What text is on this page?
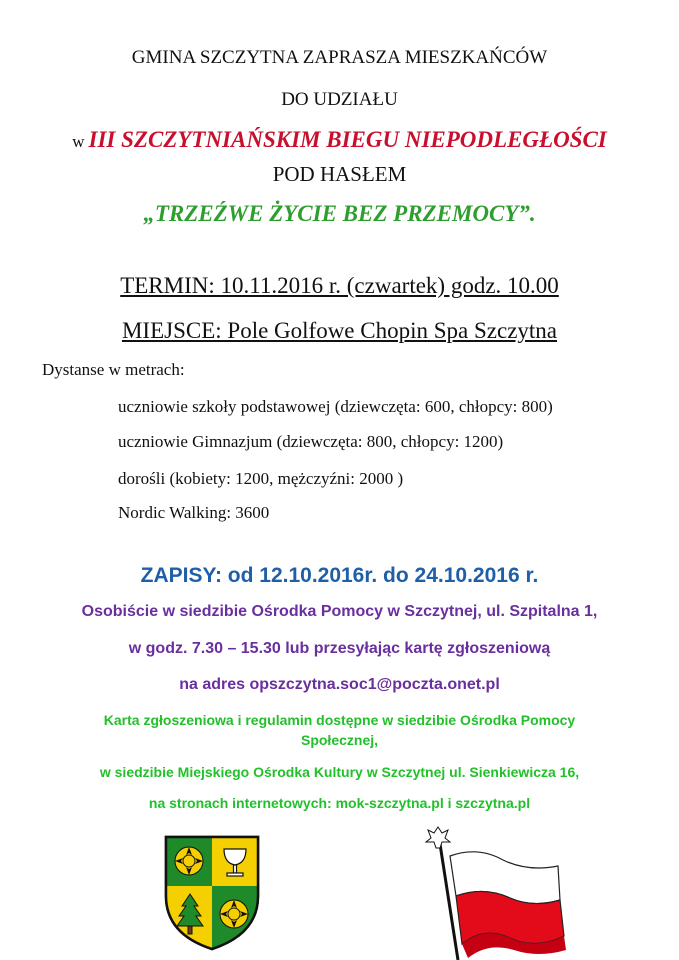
GMINA SZCZYTNA ZAPRASZA MIESZKAŃCÓW
DO UDZIAŁU
w III SZCZYTNIAŃSKIM BIEGU NIEPODLEGŁOŚCI
POD HASŁEM
„TRZEŹWE ŻYCIE BEZ PRZEMOCY”.
TERMIN: 10.11.2016 r. (czwartek) godz. 10.00
MIEJSCE: Pole Golfowe Chopin Spa Szczytna
Dystanse w metrach:
uczniowie szkoły podstawowej (dziewczęta: 600, chłopcy: 800)
uczniowie Gimnazjum (dziewczęta: 800, chłopcy: 1200)
dorośli (kobiety: 1200, mężczyźni: 2000 )
Nordic Walking: 3600
ZAPISY: od 12.10.2016r. do 24.10.2016 r.
Osobiście w siedzibie Ośrodka Pomocy w Szczytnej, ul. Szpitalna 1,
w godz. 7.30 – 15.30 lub przesyłając kartę zgłoszeniową
na adres opszczytna.soc1@poczta.onet.pl
Karta zgłoszeniowa i regulamin dostępne w siedzibie Ośrodka Pomocy Społecznej,
w siedzibie Miejskiego Ośrodka Kultury w Szczytnej ul. Sienkiewicza 16,
na stronach internetowych: mok-szczytna.pl i szczytna.pl
